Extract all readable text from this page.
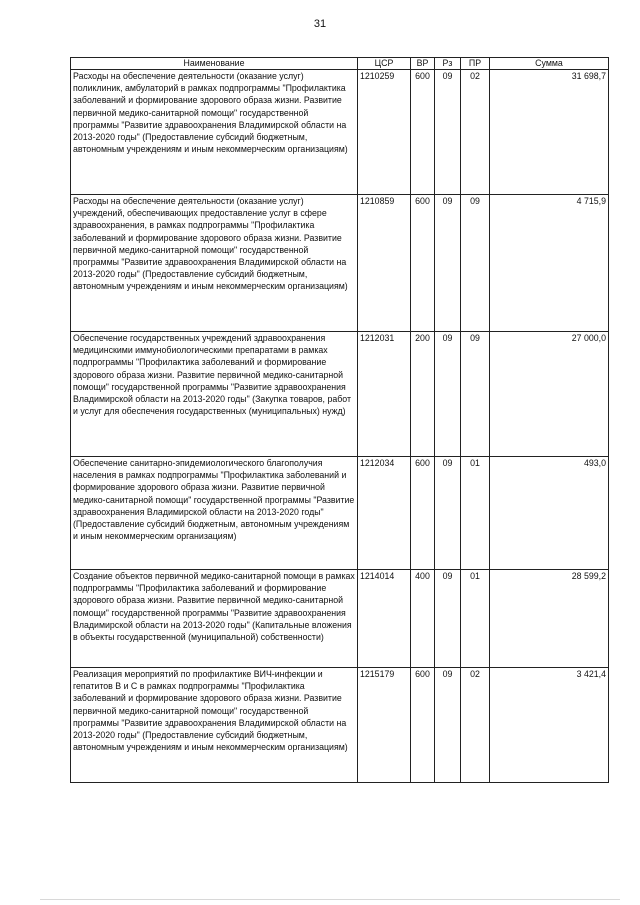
31
Наименование	ЦСР	ВР	Рз	ПР	Сумма
Расходы на обеспечение деятельности (оказание услуг) поликлиник, амбулаторий в рамках подпрограммы "Профилактика заболеваний и формирование здорового образа жизни. Развитие первичной медико-санитарной помощи" государственной программы "Развитие здравоохранения Владимирской области на 2013-2020 годы" (Предоставление субсидий бюджетным, автономным учреждениям и иным некоммерческим организациям)	1210259	600	09	02	31 698,7
Расходы на обеспечение деятельности (оказание услуг) учреждений, обеспечивающих предоставление услуг в сфере здравоохранения, в рамках подпрограммы "Профилактика заболеваний и формирование здорового образа жизни. Развитие первичной медико-санитарной помощи" государственной программы "Развитие здравоохранения Владимирской области на 2013-2020 годы" (Предоставление субсидий бюджетным, автономным учреждениям и иным некоммерческим организациям)	1210859	600	09	09	4 715,9
Обеспечение государственных учреждений здравоохранения медицинскими иммунобиологическими препаратами в рамках подпрограммы "Профилактика заболеваний и формирование здорового образа жизни. Развитие первичной медико-санитарной помощи" государственной программы "Развитие здравоохранения Владимирской области на 2013-2020 годы" (Закупка товаров, работ и услуг для обеспечения государственных (муниципальных) нужд)	1212031	200	09	09	27 000,0
Обеспечение санитарно-эпидемиологического благополучия населения в рамках подпрограммы "Профилактика заболеваний и формирование здорового образа жизни. Развитие первичной медико-санитарной помощи" государственной программы "Развитие здравоохранения Владимирской области на 2013-2020 годы" (Предоставление субсидий бюджетным, автономным учреждениям и иным некоммерческим организациям)	1212034	600	09	01	493,0
Создание объектов первичной медико-санитарной помощи в рамках подпрограммы "Профилактика заболеваний и формирование здорового образа жизни. Развитие первичной медико-санитарной помощи" государственной программы "Развитие здравоохранения Владимирской области на 2013-2020 годы" (Капитальные вложения в объекты государственной (муниципальной) собственности)	1214014	400	09	01	28 599,2
Реализация мероприятий по профилактике ВИЧ-инфекции и гепатитов В и С в рамках подпрограммы "Профилактика заболеваний и формирование здорового образа жизни. Развитие первичной медико-санитарной помощи" государственной программы "Развитие здравоохранения Владимирской области на 2013-2020 годы" (Предоставление субсидий бюджетным, автономным учреждениям и иным некоммерческим организациям)	1215179	600	09	02	3 421,4
